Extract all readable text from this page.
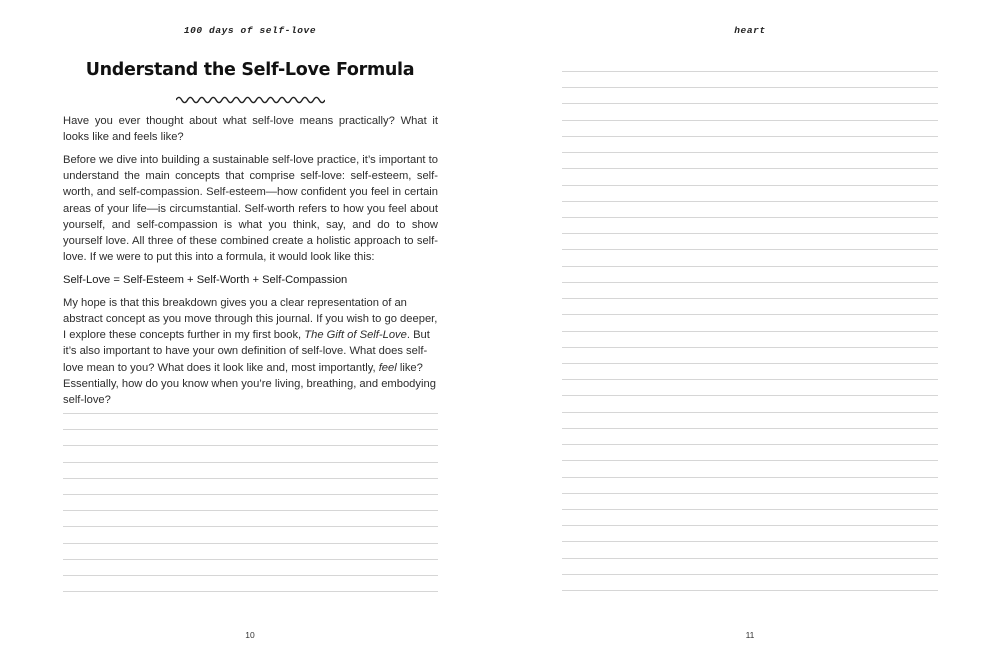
100 days of self-love
Understand the Self-Love Formula

Have you ever thought about what self-love means practically? What it looks like and feels like?

Before we dive into building a sustainable self-love practice, it’s important to understand the main concepts that comprise self-love: self-esteem, self-worth, and self-compassion. Self-esteem—how confident you feel in certain areas of your life—is circumstantial. Self-worth refers to how you feel about yourself, and self-compassion is what you think, say, and do to show yourself love. All three of these combined create a holistic approach to self-love. If we were to put this into a formula, it would look like this:

Self-Love = Self-Esteem + Self-Worth + Self-Compassion

My hope is that this breakdown gives you a clear representation of an abstract concept as you move through this journal. If you wish to go deeper, I explore these concepts further in my first book, The Gift of Self-Love. But it’s also important to have your own definition of self-love. What does self-love mean to you? What does it look like and, most importantly, feel like? Essentially, how do you know when you’re living, breathing, and embodying self-love?

10
heart
11
